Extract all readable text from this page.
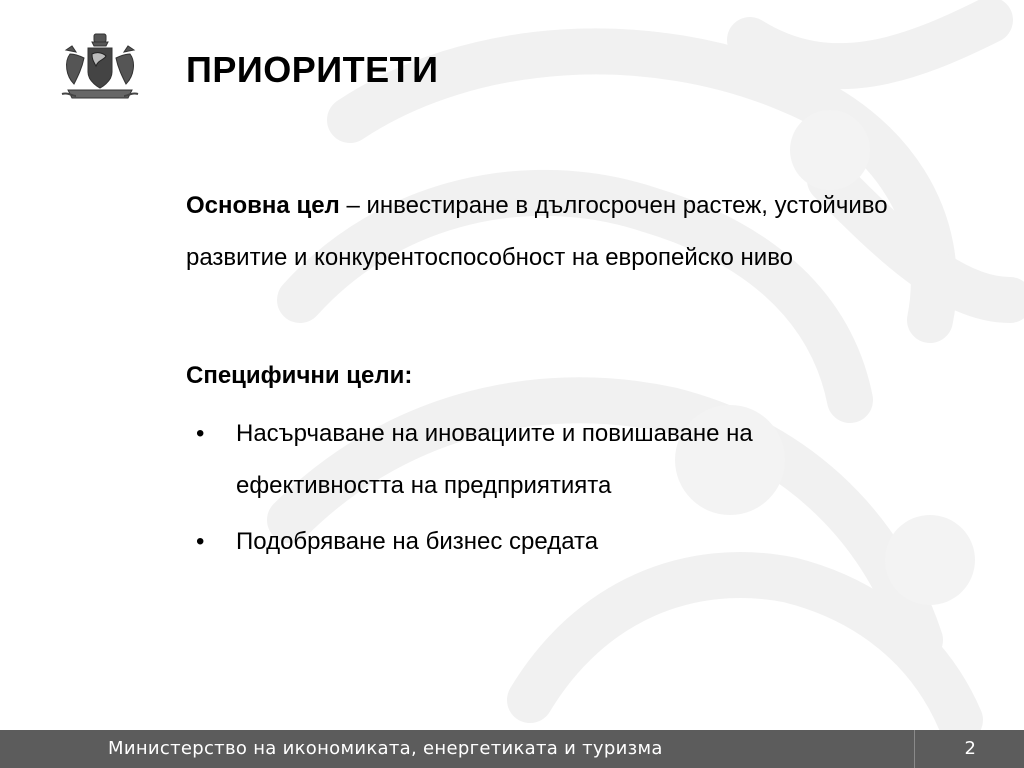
ПРИОРИТЕТИ

Основна цел – инвестиране в дългосрочен растеж, устойчиво развитие и конкурентоспособност на европейско ниво

Специфични цели:

• Насърчаване на иновациите и повишаване на ефективността на предприятията
• Подобряване на бизнес средата
Министерство на икономиката, енергетиката и туризма	2
